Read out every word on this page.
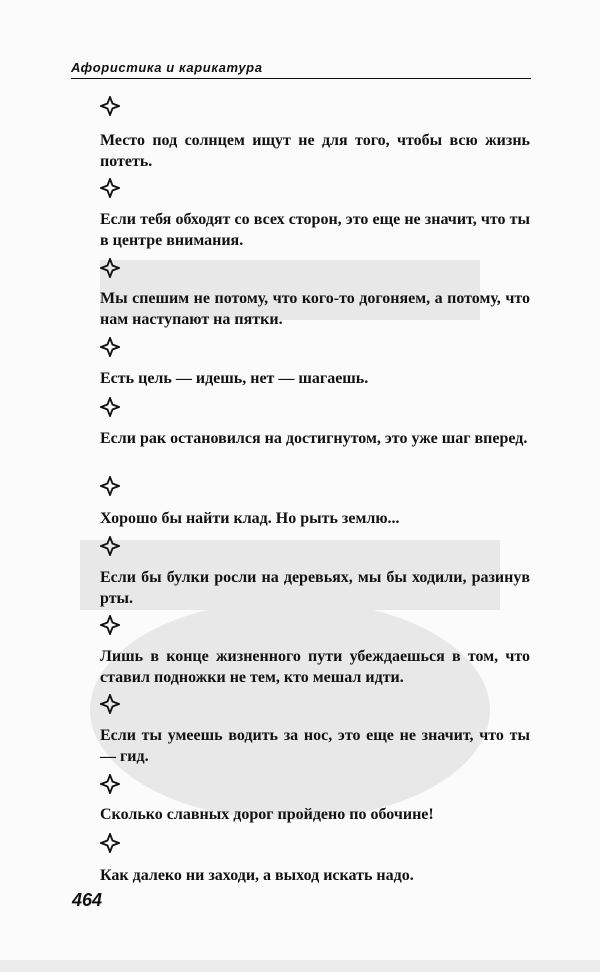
Афористика и карикатура
Место под солнцем ищут не для того, чтобы всю жизнь потеть.
Если тебя обходят со всех сторон, это еще не значит, что ты в центре внимания.
Мы спешим не потому, что кого-то догоняем, а потому, что нам наступают на пятки.
Есть цель — идешь, нет — шагаешь.
Если рак остановился на достигнутом, это уже шаг вперед.
Хорошо бы найти клад. Но рыть землю...
Если бы булки росли на деревьях, мы бы ходили, разинув рты.
Лишь в конце жизненного пути убеждаешься в том, что ставил подножки не тем, кто мешал идти.
Если ты умеешь водить за нос, это еще не значит, что ты — гид.
Сколько славных дорог пройдено по обочине!
Как далеко ни заходи, а выход искать надо.
464
